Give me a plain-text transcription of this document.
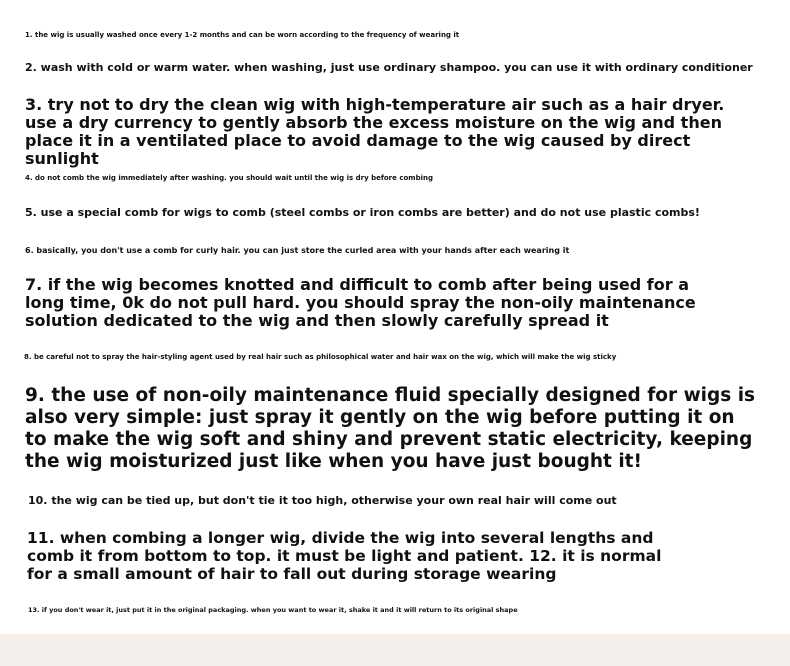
1. the wig is usually washed once every 1-2 months and can be worn according to the frequency of wearing it
2. wash with cold or warm water. when washing, just use ordinary shampoo. you can use it with ordinary conditioner
3. try not to dry the clean wig with high-temperature air such as a hair dryer. use a dry currency to gently absorb the excess moisture on the wig and then place it in a ventilated place to avoid damage to the wig caused by direct sunlight
4. do not comb the wig immediately after washing. you should wait until the wig is dry before combing
5. use a special comb for wigs to comb (steel combs or iron combs are better) and do not use plastic combs!
6. basically, you don't use a comb for curly hair. you can just store the curled area with your hands after each wearing it
7. if the wig becomes knotted and difficult to comb after being used for a long time, 0k do not pull hard. you should spray the non-oily maintenance solution dedicated to the wig and then slowly carefully spread it
8. be careful not to spray the hair-styling agent used by real hair such as philosophical water and hair wax on the wig, which will make the wig sticky
9. the use of non-oily maintenance fluid specially designed for wigs is also very simple: just spray it gently on the wig before putting it on to make the wig soft and shiny and prevent static electricity, keeping the wig moisturized just like when you have just bought it!
10. the wig can be tied up, but don't tie it too high, otherwise your own real hair will come out
11. when combing a longer wig, divide the wig into several lengths and comb it from bottom to top. it must be light and patient. 12. it is normal for a small amount of hair to fall out during storage wearing
13. if you don't wear it, just put it in the original packaging. when you want to wear it, shake it and it will return to its original shape
